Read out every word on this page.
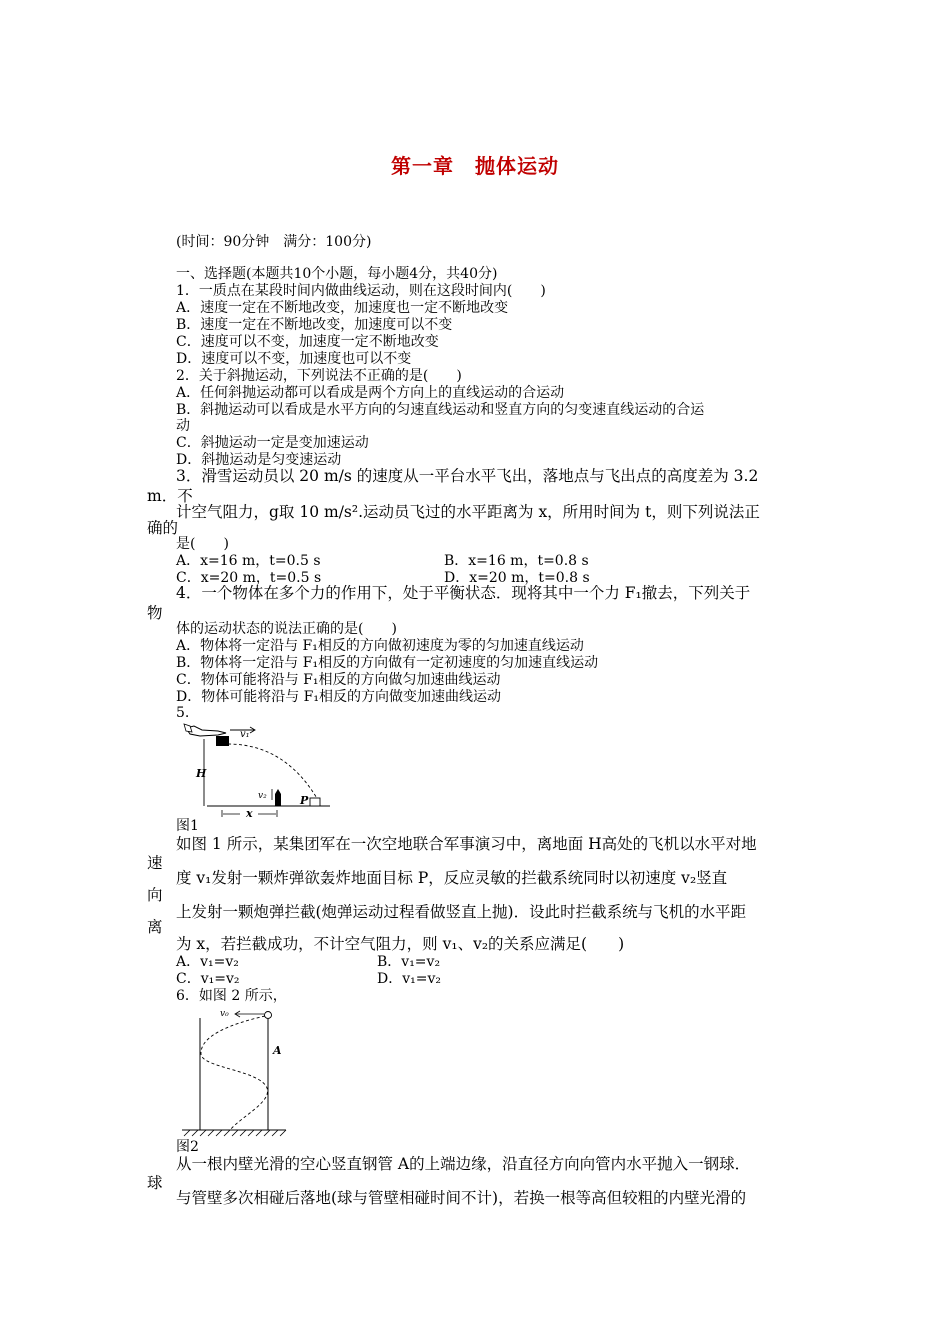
第一章　抛体运动
(时间：90分钟　满分：100分)
一、选择题(本题共10个小题，每小题4分，共40分)
1．一质点在某段时间内做曲线运动，则在这段时间内(　　)
A．速度一定在不断地改变，加速度也一定不断地改变
B．速度一定在不断地改变，加速度可以不变
C．速度可以不变，加速度一定不断地改变
D．速度可以不变，加速度也可以不变
2．关于斜抛运动，下列说法不正确的是(　　)
A．任何斜抛运动都可以看成是两个方向上的直线运动的合运动
B．斜抛运动可以看成是水平方向的匀速直线运动和竖直方向的匀变速直线运动的合运
动
C．斜抛运动一定是变加速运动
D．斜抛运动是匀变速运动
3．滑雪运动员以 20 m/s 的速度从一平台水平飞出，落地点与飞出点的高度差为 3.2
m．不
计空气阻力，g取 10 m/s².运动员飞过的水平距离为 x，所用时间为 t，则下列说法正
确的
是(　　)
A．x=16 m，t=0.5 s	B．x=16 m，t=0.8 s
C．x=20 m，t=0.5 s	D．x=20 m，t=0.8 s
4．一个物体在多个力的作用下，处于平衡状态．现将其中一个力 F₁撤去，下列关于
物
体的运动状态的说法正确的是(　　)
A．物体将一定沿与 F₁相反的方向做初速度为零的匀加速直线运动
B．物体将一定沿与 F₁相反的方向做有一定初速度的匀加速直线运动
C．物体可能将沿与 F₁相反的方向做匀加速曲线运动
D．物体可能将沿与 F₁相反的方向做变加速曲线运动
5.
v₁
H
v₂	P
x
图1
如图 1 所示，某集团军在一次空地联合军事演习中，离地面 H高处的飞机以水平对地
速
度 v₁发射一颗炸弹欲轰炸地面目标 P，反应灵敏的拦截系统同时以初速度 v₂竖直
向
上发射一颗炮弹拦截(炮弹运动过程看做竖直上抛)．设此时拦截系统与飞机的水平距
离
为 x，若拦截成功，不计空气阻力，则 v₁、v₂的关系应满足(　　)
A．v₁=v₂	B．v₁=v₂
C．v₁=v₂	D．v₁=v₂
6．如图 2 所示，
v₀
A
图2
从一根内壁光滑的空心竖直钢管 A的上端边缘，沿直径方向向管内水平抛入一钢球．
球
与管壁多次相碰后落地(球与管壁相碰时间不计)，若换一根等高但较粗的内壁光滑的
